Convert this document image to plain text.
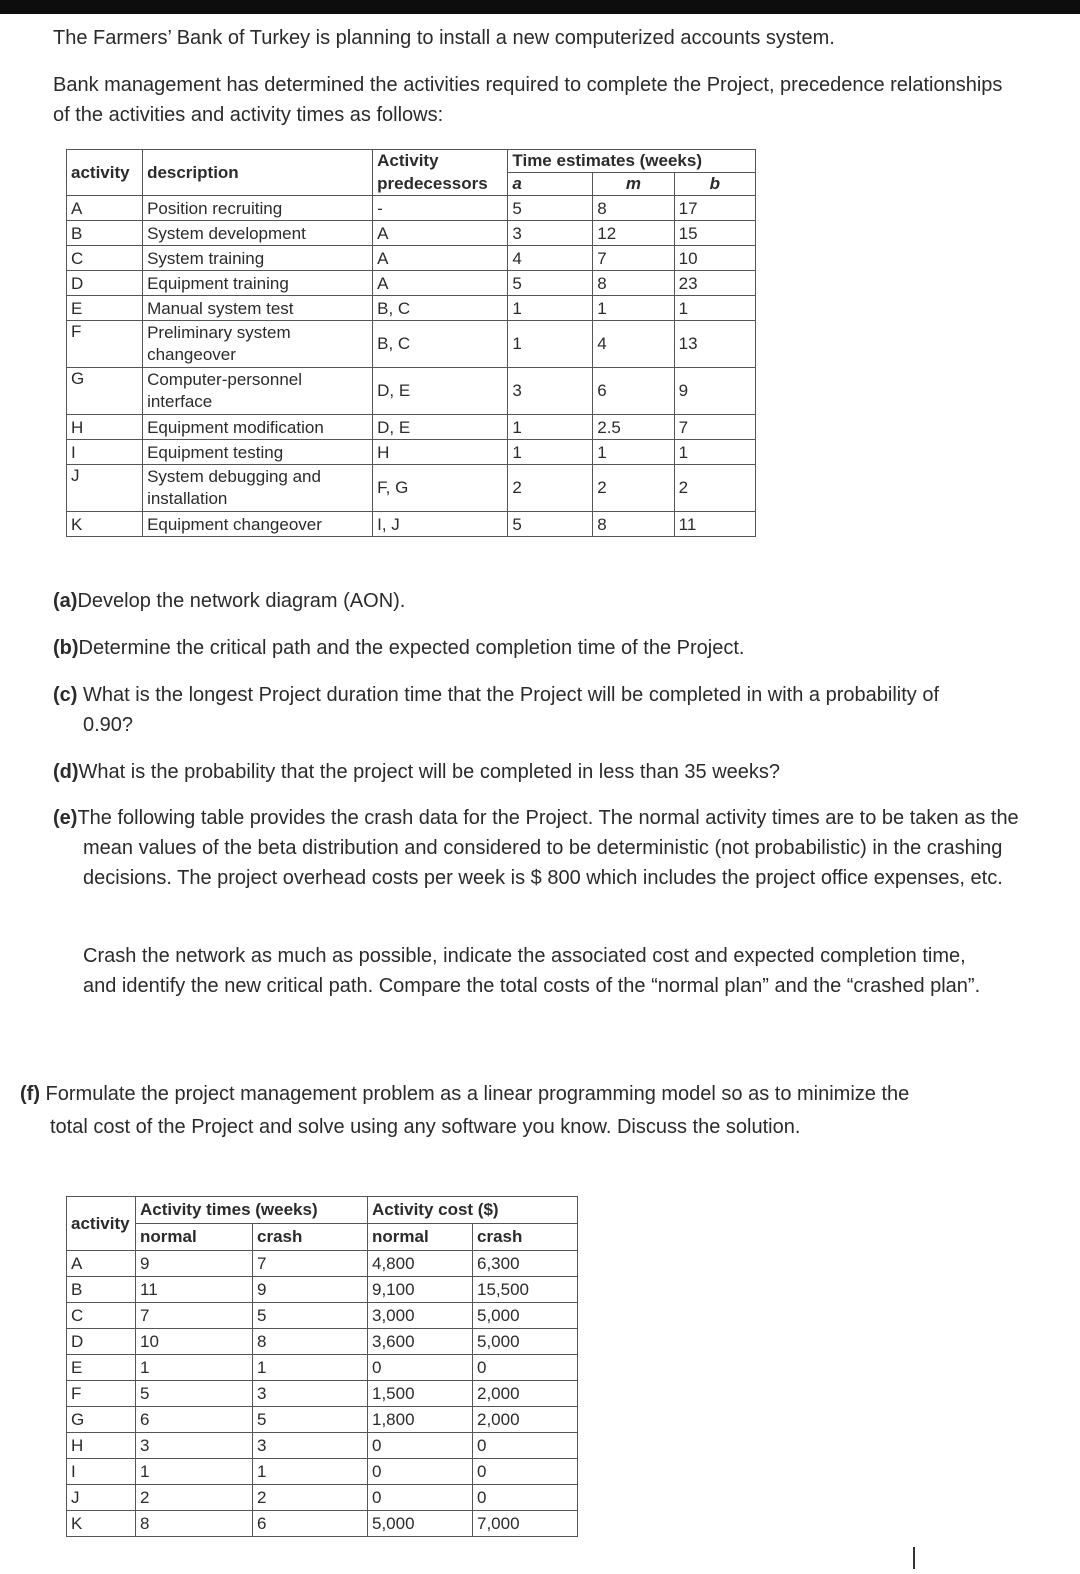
The Farmers’ Bank of Turkey is planning to install a new computerized accounts system.

Bank management has determined the activities required to complete the Project, precedence relationships of the activities and activity times as follows:

activity	description	Activity	Time estimates (weeks)		
		predecessors	a	m	b
A	Position recruiting	-	5	8	17
B	System development	A	3	12	15
C	System training	A	4	7	10
D	Equipment training	A	5	8	23
E	Manual system test	B, C	1	1	1
F	Preliminary system changeover	B, C	1	4	13
G	Computer-personnel interface	D, E	3	6	9
H	Equipment modification	D, E	1	2.5	7
I	Equipment testing	H	1	1	1
J	System debugging and installation	F, G	2	2	2
K	Equipment changeover	I, J	5	8	11

(a)Develop the network diagram (AON).

(b)Determine the critical path and the expected completion time of the Project.

(c) What is the longest Project duration time that the Project will be completed in with a probability of 0.90?

(d)What is the probability that the project will be completed in less than 35 weeks?

(e)The following table provides the crash data for the Project. The normal activity times are to be taken as the mean values of the beta distribution and considered to be deterministic (not probabilistic) in the crashing decisions. The project overhead costs per week is $ 800 which includes the project office expenses, etc.

Crash the network as much as possible, indicate the associated cost and expected completion time, and identify the new critical path. Compare the total costs of the “normal plan” and the “crashed plan”.

(f) Formulate the project management problem as a linear programming model so as to minimize the total cost of the Project and solve using any software you know. Discuss the solution.

activity	Activity times (weeks)		Activity cost ($)	
	normal	crash	normal	crash
A	9	7	4,800	6,300
B	11	9	9,100	15,500
C	7	5	3,000	5,000
D	10	8	3,600	5,000
E	1	1	0	0
F	5	3	1,500	2,000
G	6	5	1,800	2,000
H	3	3	0	0
I	1	1	0	0
J	2	2	0	0
K	8	6	5,000	7,000
